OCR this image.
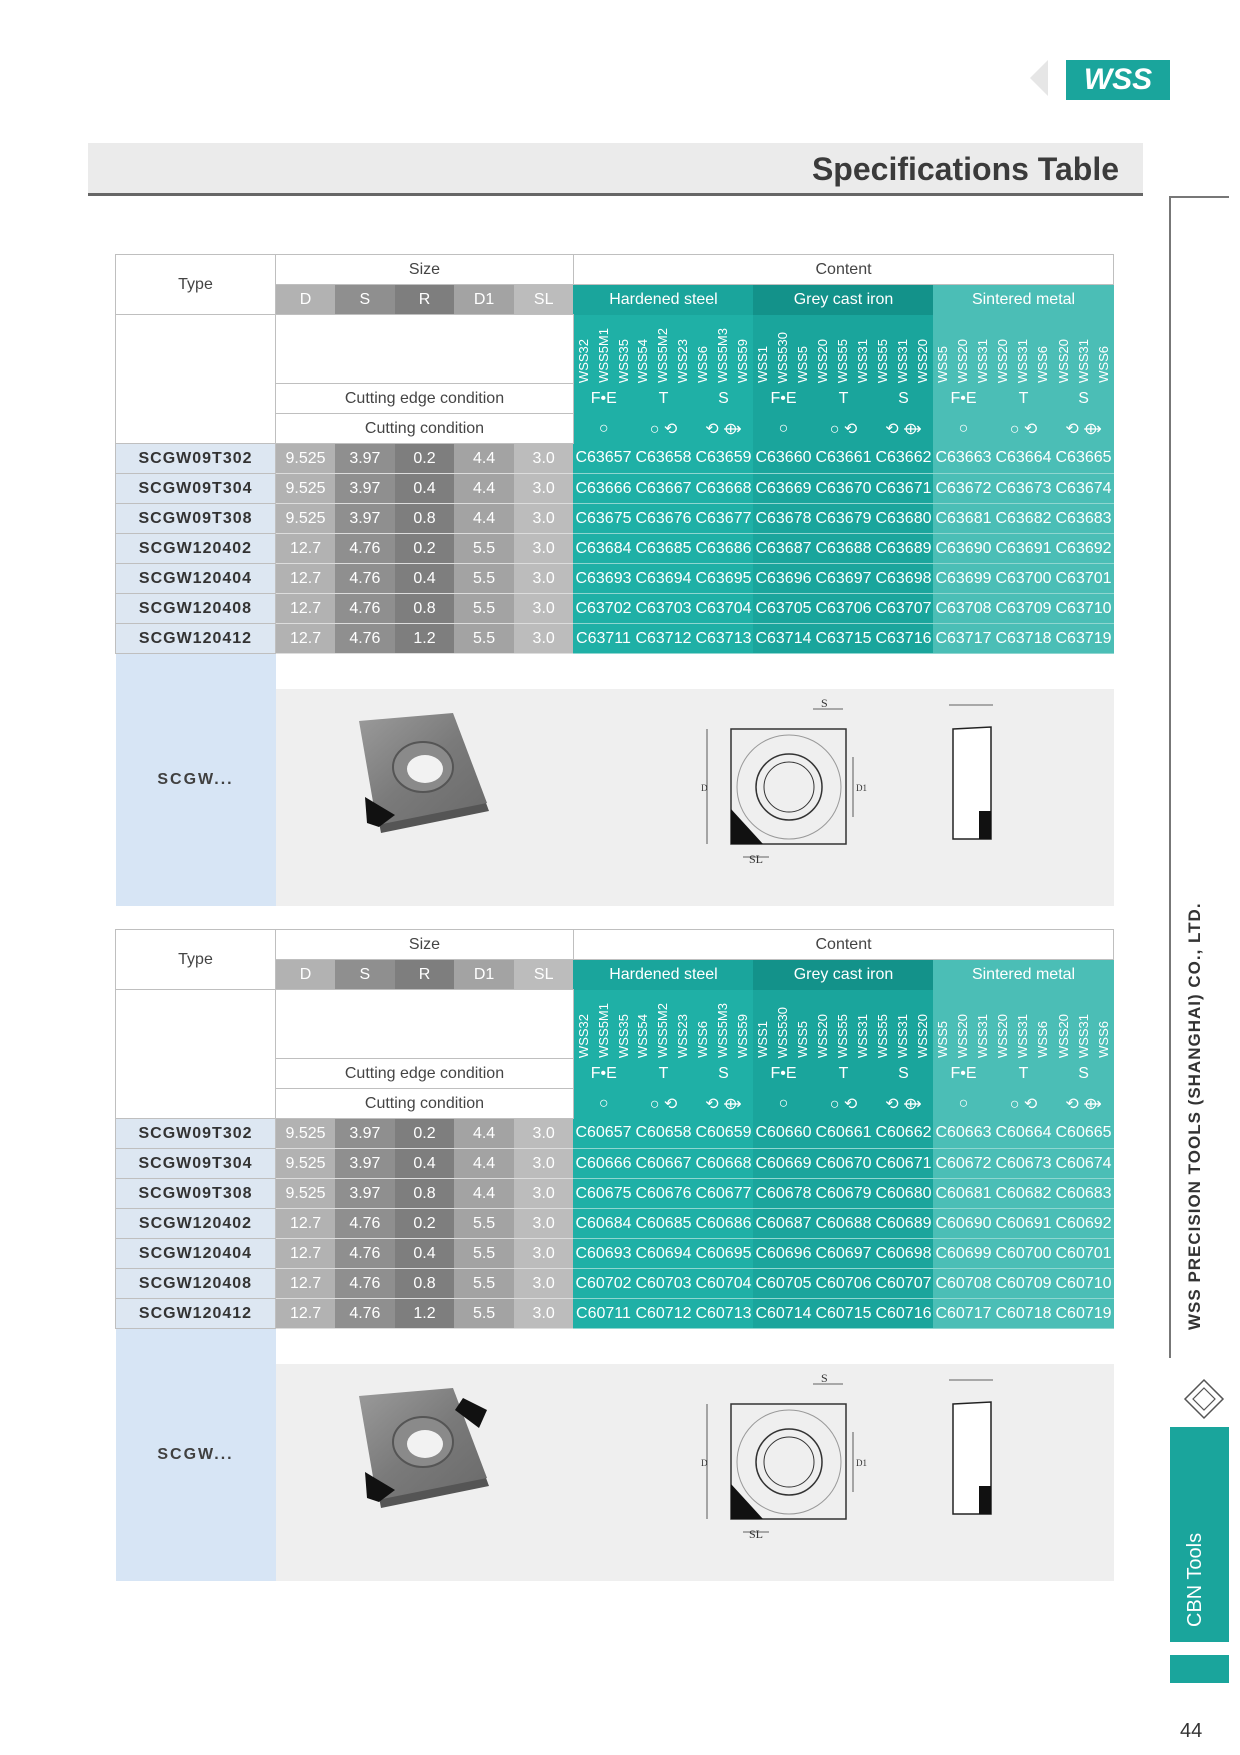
WSS
Specifications Table
WSS PRECISION TOOLS (SHANGHAI) CO., LTD.
CBN Tools
44
Type	Size					Content								
	D	S	R	D1	SL	Hardened steel			Grey cast iron			Sintered metal		

						WSS32 WSS5M1 WSS35	WSS54 WSS5M2 WSS23	WSS6 WSS5M3 WSS59	WSS1 WSS530 WSS5	WSS20 WSS55 WSS31	WSS55 WSS31 WSS20	WSS5 WSS20 WSS31	WSS20 WSS31 WSS6	WSS20 WSS31 WSS6

	Cutting edge condition					F•E	T	S	F•E	T	S	F•E	T	S
	Cutting condition					○	○ ⟲	⟲ ⟴	○	○ ⟲	⟲ ⟴	○	○ ⟲	⟲ ⟴
SCGW09T302	9.525	3.97	0.2	4.4	3.0	C63657	C63658	C63659	C63660	C63661	C63662	C63663	C63664	C63665
SCGW09T304	9.525	3.97	0.4	4.4	3.0	C63666	C63667	C63668	C63669	C63670	C63671	C63672	C63673	C63674
SCGW09T308	9.525	3.97	0.8	4.4	3.0	C63675	C63676	C63677	C63678	C63679	C63680	C63681	C63682	C63683
SCGW120402	12.7	4.76	0.2	5.5	3.0	C63684	C63685	C63686	C63687	C63688	C63689	C63690	C63691	C63692
SCGW120404	12.7	4.76	0.4	5.5	3.0	C63693	C63694	C63695	C63696	C63697	C63698	C63699	C63700	C63701
SCGW120408	12.7	4.76	0.8	5.5	3.0	C63702	C63703	C63704	C63705	C63706	C63707	C63708	C63709	C63710
SCGW120412	12.7	4.76	1.2	5.5	3.0	C63711	C63712	C63713	C63714	C63715	C63716	C63717	C63718	C63719
SCGW...														

S
SL
D D1													
Type	Size					Content								
	D	S	R	D1	SL	Hardened steel			Grey cast iron			Sintered metal		

						WSS32 WSS5M1 WSS35	WSS54 WSS5M2 WSS23	WSS6 WSS5M3 WSS59	WSS1 WSS530 WSS5	WSS20 WSS55 WSS31	WSS55 WSS31 WSS20	WSS5 WSS20 WSS31	WSS20 WSS31 WSS6	WSS20 WSS31 WSS6

	Cutting edge condition					F•E	T	S	F•E	T	S	F•E	T	S
	Cutting condition					○	○ ⟲	⟲ ⟴	○	○ ⟲	⟲ ⟴	○	○ ⟲	⟲ ⟴
SCGW09T302	9.525	3.97	0.2	4.4	3.0	C60657	C60658	C60659	C60660	C60661	C60662	C60663	C60664	C60665
SCGW09T304	9.525	3.97	0.4	4.4	3.0	C60666	C60667	C60668	C60669	C60670	C60671	C60672	C60673	C60674
SCGW09T308	9.525	3.97	0.8	4.4	3.0	C60675	C60676	C60677	C60678	C60679	C60680	C60681	C60682	C60683
SCGW120402	12.7	4.76	0.2	5.5	3.0	C60684	C60685	C60686	C60687	C60688	C60689	C60690	C60691	C60692
SCGW120404	12.7	4.76	0.4	5.5	3.0	C60693	C60694	C60695	C60696	C60697	C60698	C60699	C60700	C60701
SCGW120408	12.7	4.76	0.8	5.5	3.0	C60702	C60703	C60704	C60705	C60706	C60707	C60708	C60709	C60710
SCGW120412	12.7	4.76	1.2	5.5	3.0	C60711	C60712	C60713	C60714	C60715	C60716	C60717	C60718	C60719
SCGW...														

S
SL
D D1													
